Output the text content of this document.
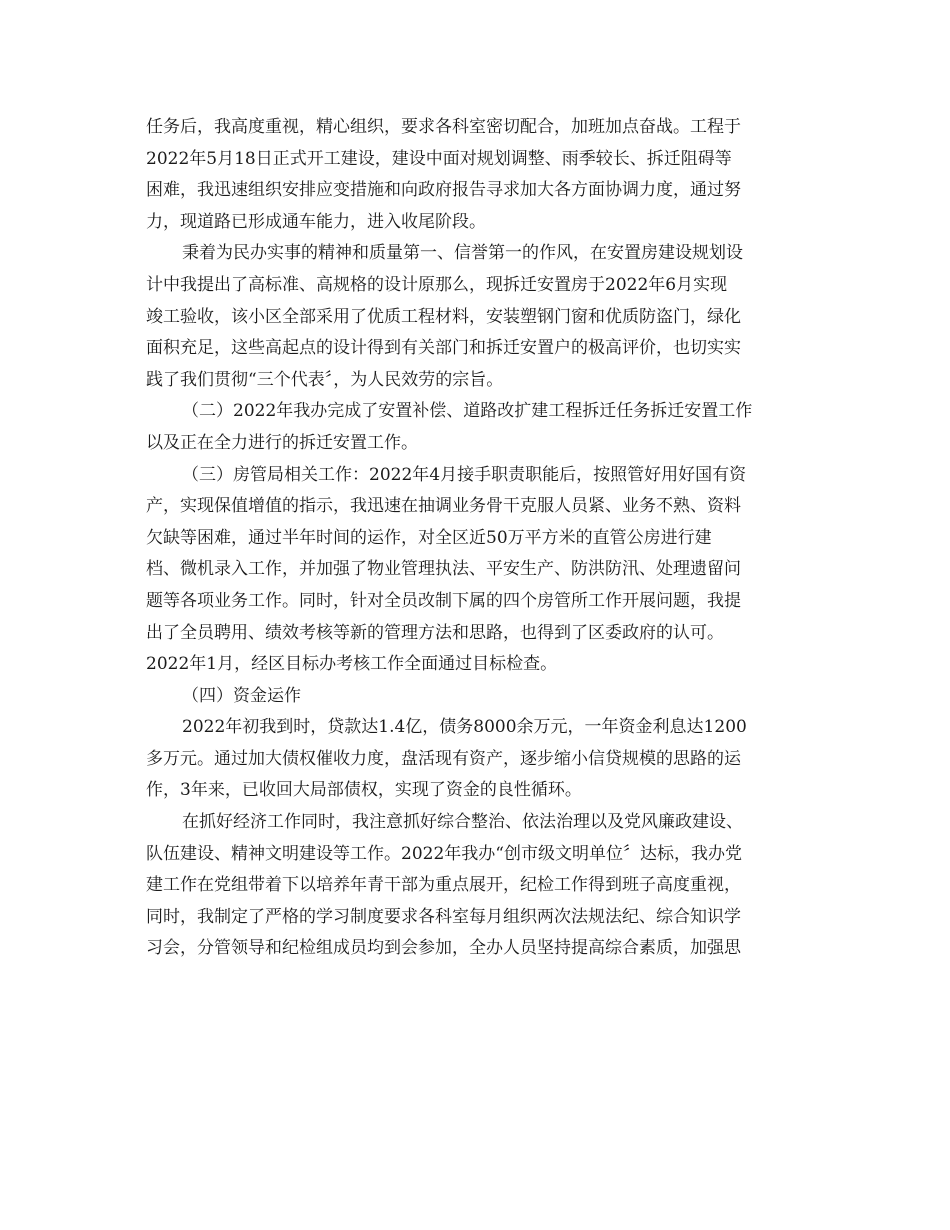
任务后，我高度重视，精心组织，要求各科室密切配合，加班加点奋战。工程于
2022年5月18日正式开工建设，建设中面对规划调整、雨季较长、拆迁阻碍等
困难，我迅速组织安排应变措施和向政府报告寻求加大各方面协调力度，通过努
力，现道路已形成通车能力，进入收尾阶段。
秉着为民办实事的精神和质量第一、信誉第一的作风，在安置房建设规划设
计中我提出了高标准、高规格的设计原那么，现拆迁安置房于2022年6月实现
竣工验收，该小区全部采用了优质工程材料，安装塑钢门窗和优质防盗门，绿化
面积充足，这些高起点的设计得到有关部门和拆迁安置户的极高评价，也切实实
践了我们贯彻“三个代表〞，为人民效劳的宗旨。
（二）2022年我办完成了安置补偿、道路改扩建工程拆迁任务拆迁安置工作
以及正在全力进行的拆迁安置工作。
（三）房管局相关工作：2022年4月接手职责职能后，按照管好用好国有资
产，实现保值增值的指示，我迅速在抽调业务骨干克服人员紧、业务不熟、资料
欠缺等困难，通过半年时间的运作，对全区近50万平方米的直管公房进行建
档、微机录入工作，并加强了物业管理执法、平安生产、防洪防汛、处理遗留问
题等各项业务工作。同时，针对全员改制下属的四个房管所工作开展问题，我提
出了全员聘用、绩效考核等新的管理方法和思路，也得到了区委政府的认可。
2022年1月，经区目标办考核工作全面通过目标检查。
（四）资金运作
2022年初我到时，贷款达1.4亿，债务8000余万元，一年资金利息达1200
多万元。通过加大债权催收力度，盘活现有资产，逐步缩小信贷规模的思路的运
作，3年来，已收回大局部债权，实现了资金的良性循环。
在抓好经济工作同时，我注意抓好综合整治、依法治理以及党风廉政建设、
队伍建设、精神文明建设等工作。2022年我办“创市级文明单位〞达标，我办党
建工作在党组带着下以培养年青干部为重点展开，纪检工作得到班子高度重视，
同时，我制定了严格的学习制度要求各科室每月组织两次法规法纪、综合知识学
习会，分管领导和纪检组成员均到会参加，全办人员坚持提高综合素质，加强思
